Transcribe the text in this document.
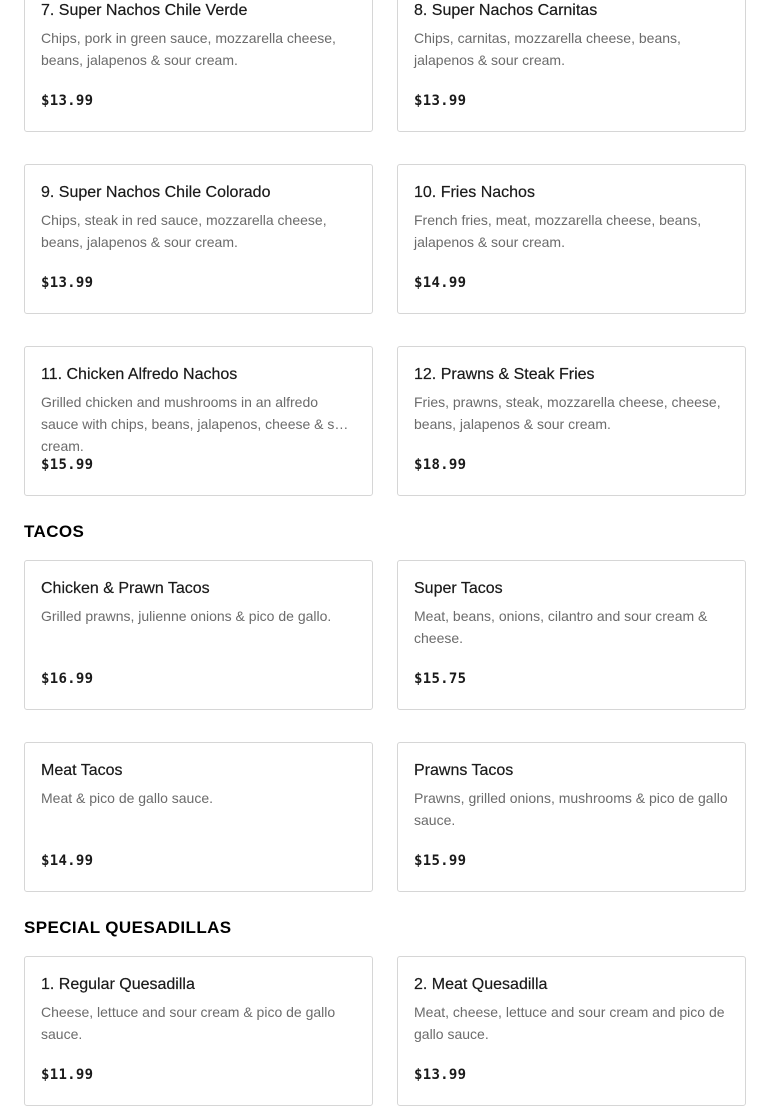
7. Super Nachos Chile Verde
Chips, pork in green sauce, mozzarella cheese, beans, jalapenos & sour cream.
$13.99
8. Super Nachos Carnitas
Chips, carnitas, mozzarella cheese, beans, jalapenos & sour cream.
$13.99
9. Super Nachos Chile Colorado
Chips, steak in red sauce, mozzarella cheese, beans, jalapenos & sour cream.
$13.99
10. Fries Nachos
French fries, meat, mozzarella cheese, beans, jalapenos & sour cream.
$14.99
11. Chicken Alfredo Nachos
Grilled chicken and mushrooms in an alfredo sauce with chips, beans, jalapenos, cheese & sour cream.
$15.99
12. Prawns & Steak Fries
Fries, prawns, steak, mozzarella cheese, cheese, beans, jalapenos & sour cream.
$18.99
TACOS
Chicken & Prawn Tacos
Grilled prawns, julienne onions & pico de gallo.
$16.99
Super Tacos
Meat, beans, onions, cilantro and sour cream & cheese.
$15.75
Meat Tacos
Meat & pico de gallo sauce.
$14.99
Prawns Tacos
Prawns, grilled onions, mushrooms & pico de gallo sauce.
$15.99
SPECIAL QUESADILLAS
1. Regular Quesadilla
Cheese, lettuce and sour cream & pico de gallo sauce.
$11.99
2. Meat Quesadilla
Meat, cheese, lettuce and sour cream and pico de gallo sauce.
$13.99
